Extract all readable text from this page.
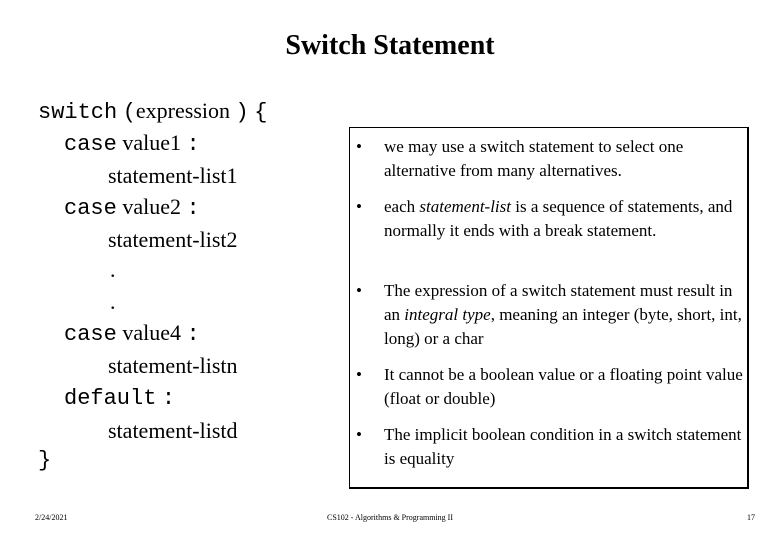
Switch Statement
switch (expression ) {
case value1 :
statement-list1
case value2 :
statement-list2
.
.
case value4 :
statement-listn
default :
statement-listd
}
• we may use a switch statement to select one alternative from many alternatives.
• each statement-list is a sequence of statements, and normally it ends with a break statement.
• The expression of a switch statement must result in an integral type, meaning an integer (byte, short, int, long) or a char
• It cannot be a boolean value or a floating point value (float or double)
• The implicit boolean condition in a switch statement is equality
2/24/2021	CS102 - Algorithms & Programming II	17
